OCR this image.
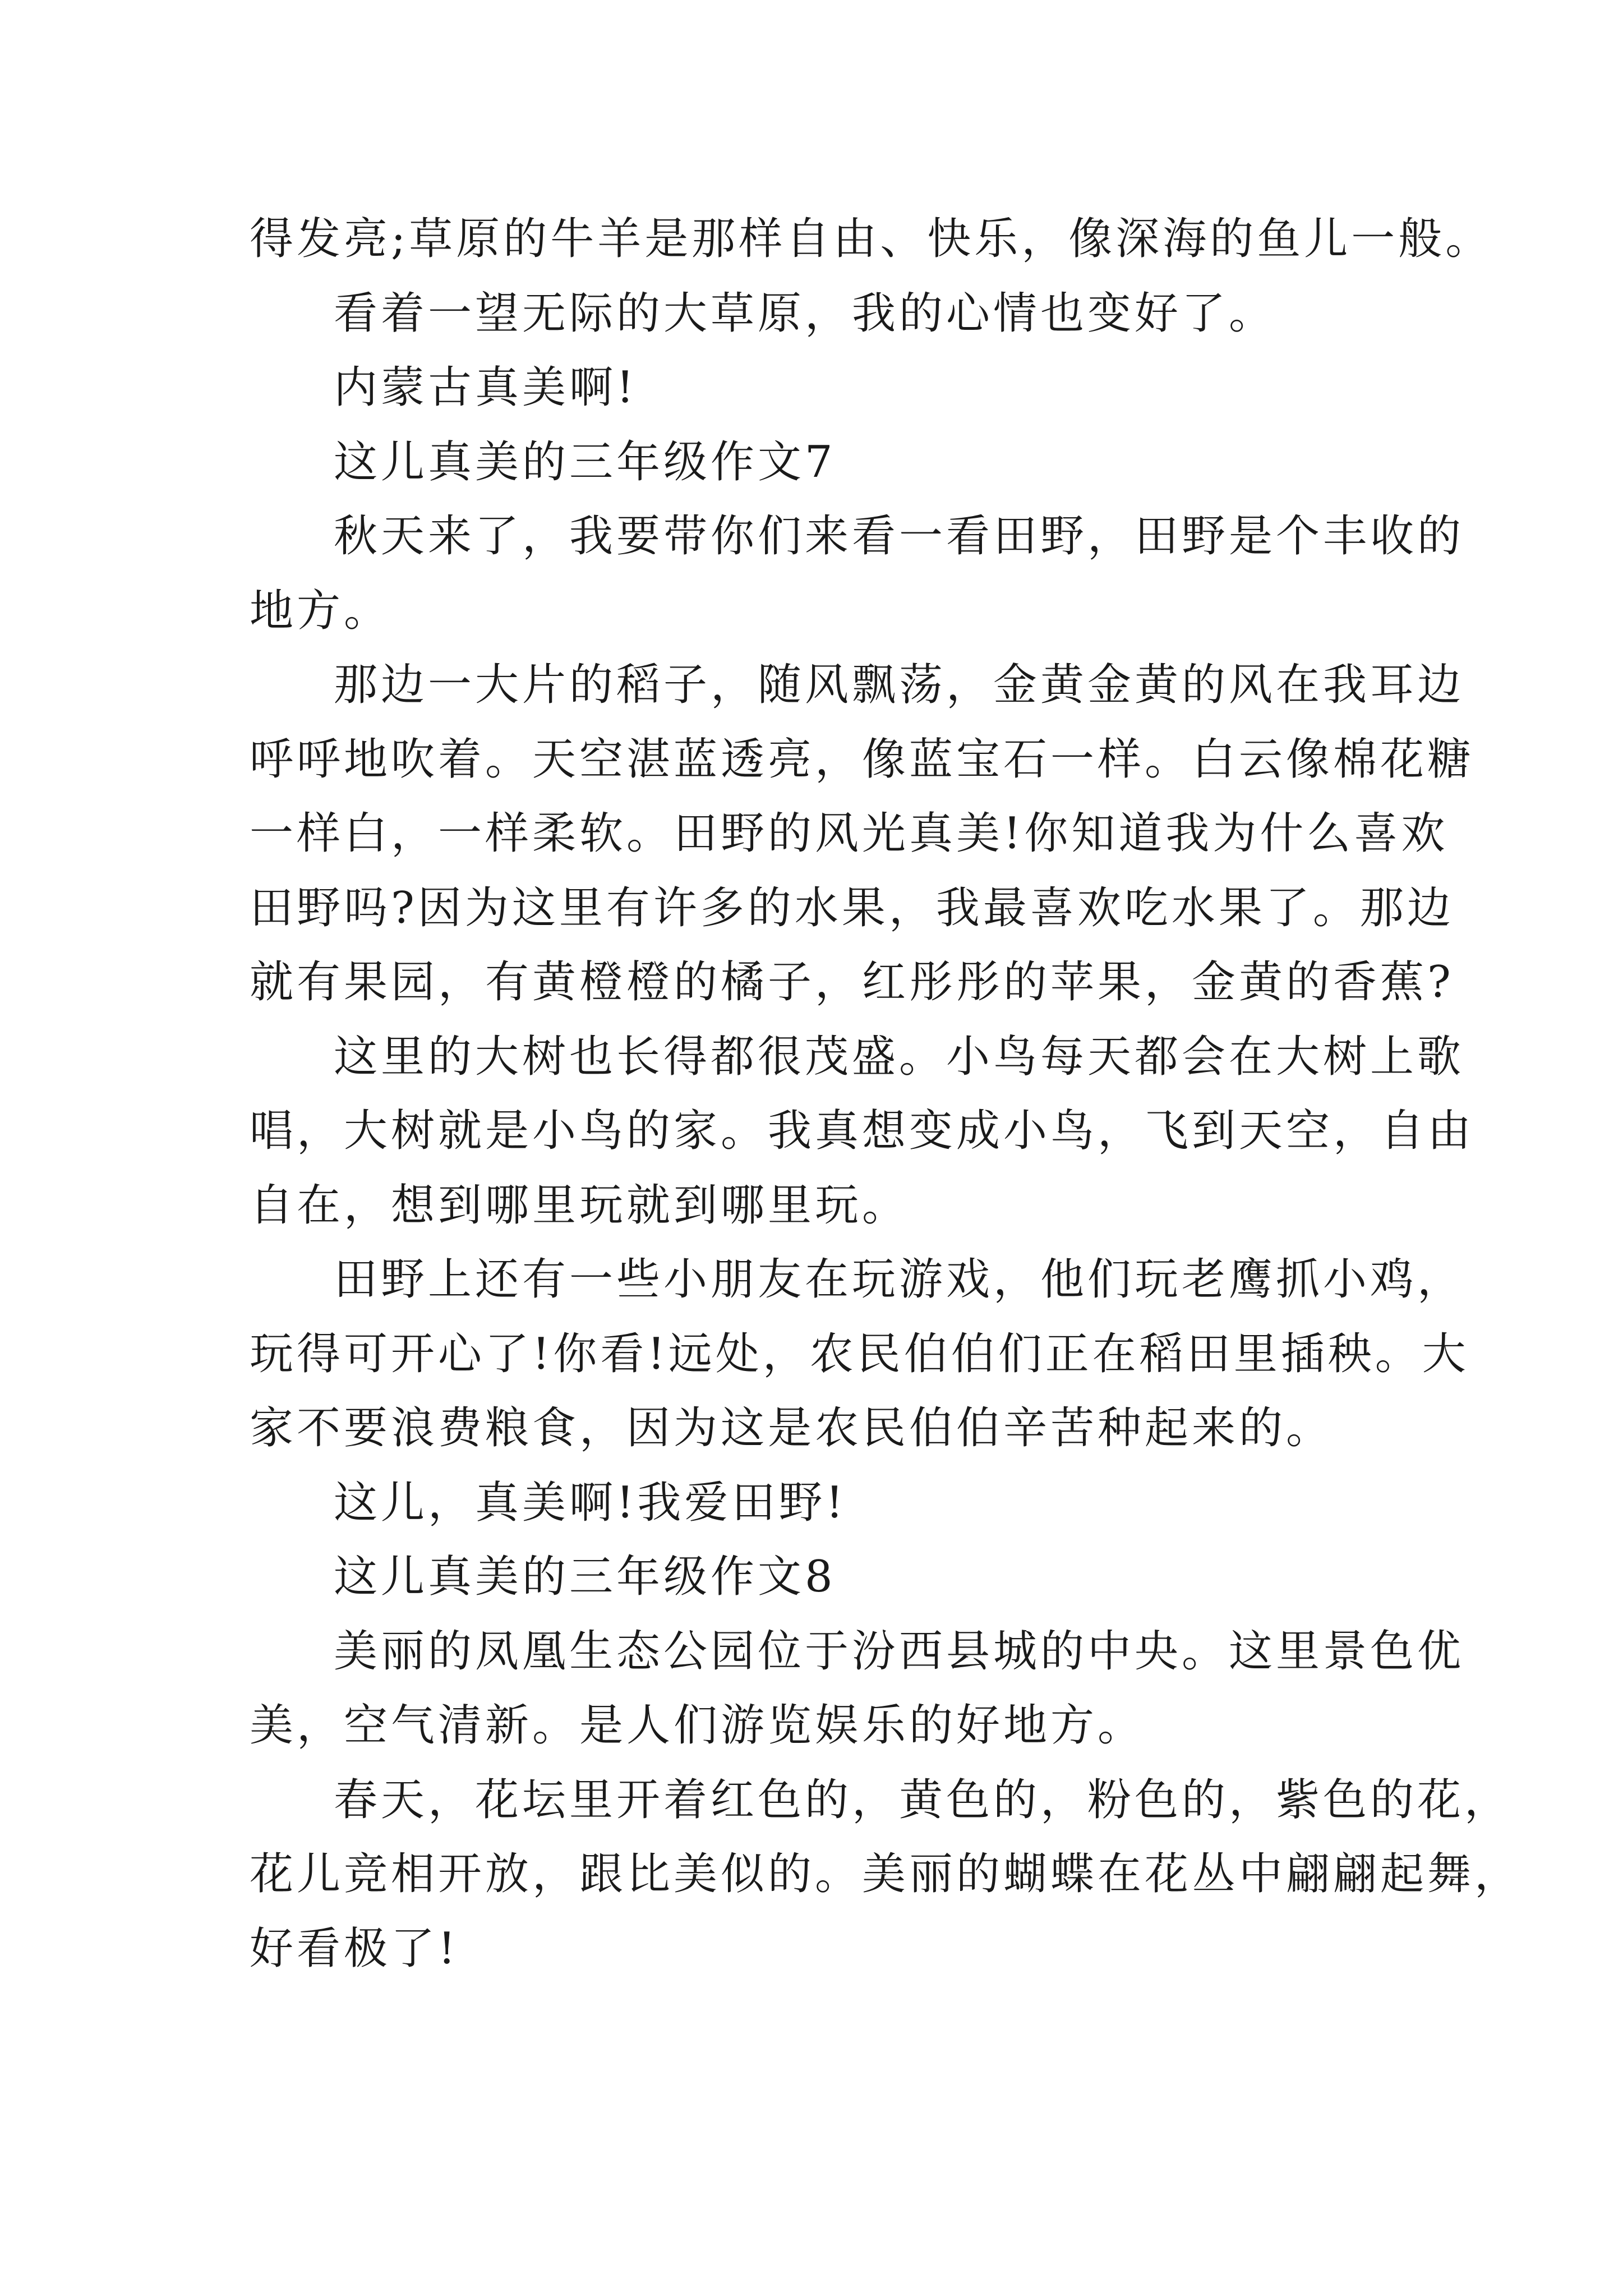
得发亮;草原的牛羊是那样自由、快乐，像深海的鱼儿一般。

看着一望无际的大草原，我的心情也变好了。

内蒙古真美啊!

这儿真美的三年级作文7

秋天来了，我要带你们来看一看田野，田野是个丰收的

地方。

那边一大片的稻子，随风飘荡，金黄金黄的风在我耳边

呼呼地吹着。天空湛蓝透亮，像蓝宝石一样。白云像棉花糖

一样白，一样柔软。田野的风光真美!你知道我为什么喜欢

田野吗?因为这里有许多的水果，我最喜欢吃水果了。那边

就有果园，有黄橙橙的橘子，红彤彤的苹果，金黄的香蕉?

这里的大树也长得都很茂盛。小鸟每天都会在大树上歌

唱，大树就是小鸟的家。我真想变成小鸟，飞到天空，自由

自在，想到哪里玩就到哪里玩。

田野上还有一些小朋友在玩游戏，他们玩老鹰抓小鸡，

玩得可开心了!你看!远处，农民伯伯们正在稻田里插秧。大

家不要浪费粮食，因为这是农民伯伯辛苦种起来的。

这儿，真美啊!我爱田野!

这儿真美的三年级作文8

美丽的凤凰生态公园位于汾西县城的中央。这里景色优

美，空气清新。是人们游览娱乐的好地方。

春天，花坛里开着红色的，黄色的，粉色的，紫色的花，

花儿竞相开放，跟比美似的。美丽的蝴蝶在花丛中翩翩起舞，

好看极了!
